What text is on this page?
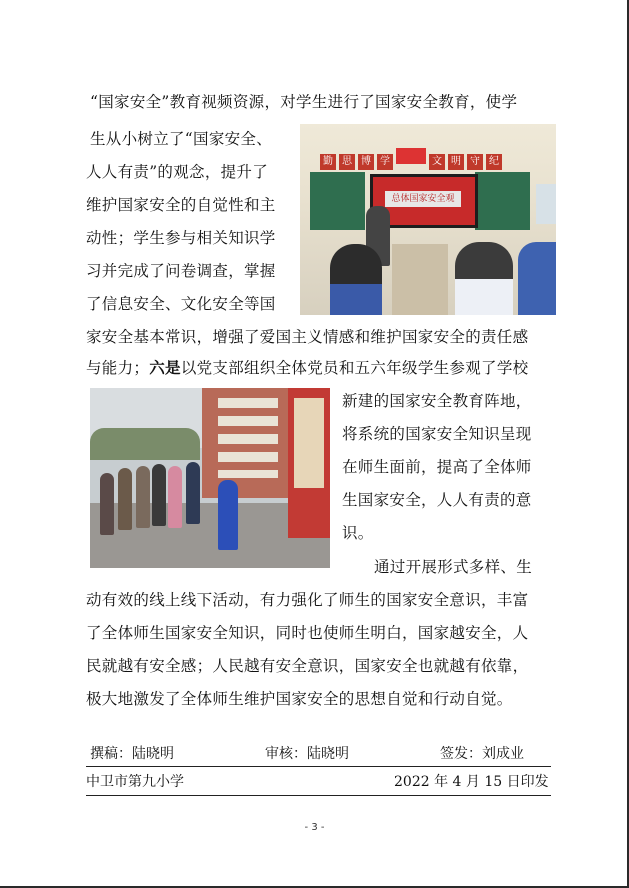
“国家安全”教育视频资源，对学生进行了国家安全教育，使学
生从小树立了“国家安全、
人人有责”的观念，提升了
维护国家安全的自觉性和主
动性；学生参与相关知识学
习并完成了问卷调查，掌握
了信息安全、文化安全等国
家安全基本常识，增强了爱国主义情感和维护国家安全的责任感
与能力；六是以党支部组织全体党员和五六年级学生参观了学校
新建的国家安全教育阵地，
将系统的国家安全知识呈现
在师生面前，提高了全体师
生国家安全，人人有责的意
识。
通过开展形式多样、生
动有效的线上线下活动，有力强化了师生的国家安全意识，丰富
了全体师生国家安全知识，同时也使师生明白，国家越安全，人
民就越有安全感；人民越有安全意识，国家安全也就越有依靠，
极大地激发了全体师生维护国家安全的思想自觉和行动自觉。
勤 思 博 学	文 明 守 纪
总体国家安全观
撰稿：陆晓明	审核：陆晓明	签发：刘成业
中卫市第九小学	2022 年 4 月 15 日印发
- 3 -
